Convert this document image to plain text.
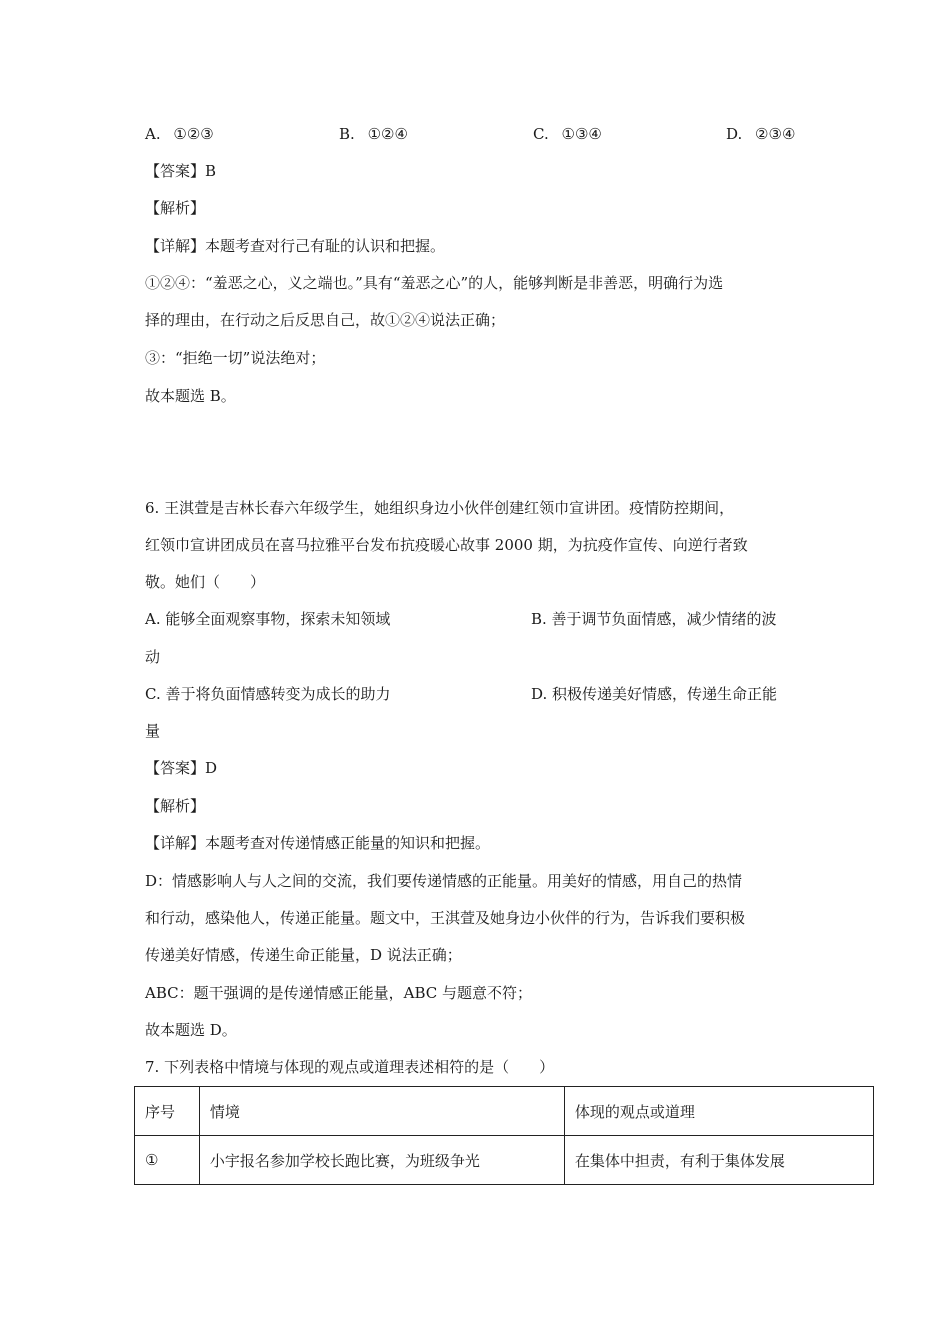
A. ①②③	B. ①②④	C. ①③④	D. ②③④
【答案】B
【解析】
【详解】本题考查对行己有耻的认识和把握。
①②④：“羞恶之心，义之端也。”具有“羞恶之心”的人，能够判断是非善恶，明确行为选
择的理由，在行动之后反思自己，故①②④说法正确；
③：“拒绝一切”说法绝对；
故本题选 B。
6. 王淇萱是吉林长春六年级学生，她组织身边小伙伴创建红领巾宣讲团。疫情防控期间，
红领巾宣讲团成员在喜马拉雅平台发布抗疫暖心故事 2000 期，为抗疫作宣传、向逆行者致
敬。她们（　　）
A. 能够全面观察事物，探索未知领域	B. 善于调节负面情感，减少情绪的波
动
C. 善于将负面情感转变为成长的助力	D. 积极传递美好情感，传递生命正能
量
【答案】D
【解析】
【详解】本题考查对传递情感正能量的知识和把握。
D：情感影响人与人之间的交流，我们要传递情感的正能量。用美好的情感，用自己的热情
和行动，感染他人，传递正能量。题文中，王淇萱及她身边小伙伴的行为，告诉我们要积极
传递美好情感，传递生命正能量，D 说法正确；
ABC：题干强调的是传递情感正能量，ABC 与题意不符；
故本题选 D。
7. 下列表格中情境与体现的观点或道理表述相符的是（　　）
序号	情境	体现的观点或道理
①	小宇报名参加学校长跑比赛，为班级争光	在集体中担责，有利于集体发展
